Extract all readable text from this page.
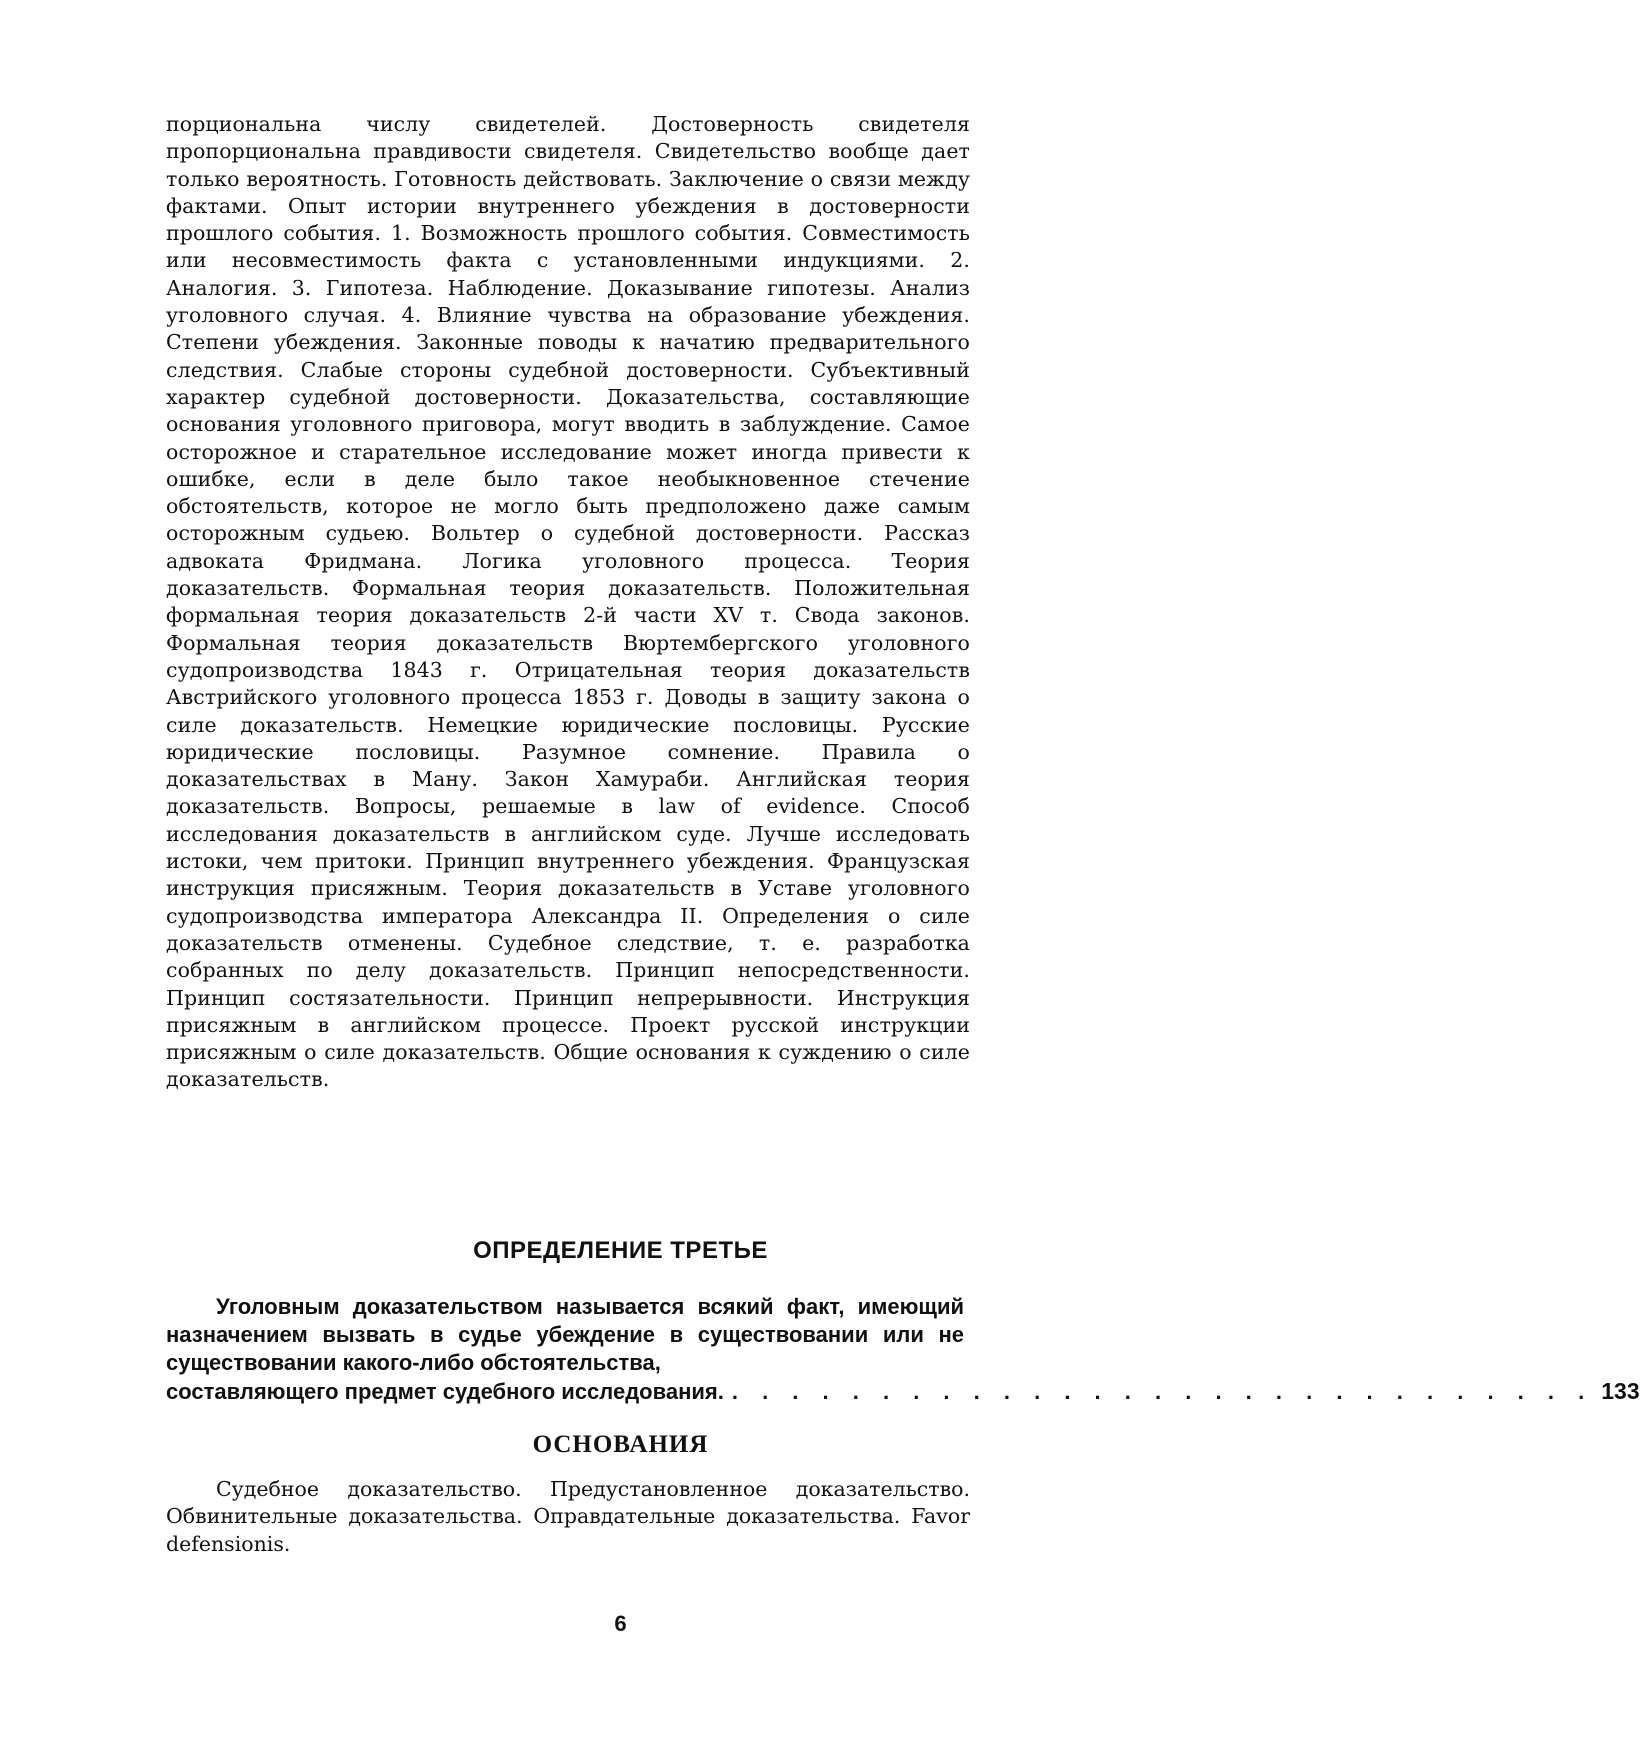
порциональна числу свидетелей. Достоверность свидетеля пропорциональна правдивости свидетеля. Свидетельство вообще дает только вероятность. Готовность действовать. Заключение о связи между фактами. Опыт истории внутреннего убеждения в достоверности прошлого события. 1. Возможность прошлого события. Совместимость или несовместимость факта с установленными индукциями. 2. Аналогия. 3. Гипотеза. Наблюдение. Доказывание гипотезы. Анализ уголовного случая. 4. Влияние чувства на образование убеждения. Степени убеждения. Законные поводы к начатию предварительного следствия. Слабые стороны судебной достоверности. Субъективный характер судебной достоверности. Доказательства, составляющие основания уголовного приговора, могут вводить в заблуждение. Самое осторожное и старательное исследование может иногда привести к ошибке, если в деле было такое необыкновенное стечение обстоятельств, которое не могло быть предположено даже самым осторожным судьею. Вольтер о судебной достоверности. Рассказ адвоката Фридмана. Логика уголовного процесса. Теория доказательств. Формальная теория доказательств. Положительная формальная теория доказательств 2-й части XV т. Свода законов. Формальная теория доказательств Вюртембергского уголовного судопроизводства 1843 г. Отрицательная теория доказательств Австрийского уголовного процесса 1853 г. Доводы в защиту закона о силе доказательств. Немецкие юридические пословицы. Русские юридические пословицы. Разумное сомнение. Правила о доказательствах в Ману. Закон Хамураби. Английская теория доказательств. Вопросы, решаемые в law of evidence. Способ исследования доказательств в английском суде. Лучше исследовать истоки, чем притоки. Принцип внутреннего убеждения. Французская инструкция присяжным. Теория доказательств в Уставе уголовного судопроизводства императора Александра II. Определения о силе доказательств отменены. Судебное следствие, т. е. разработка собранных по делу доказательств. Принцип непосредственности. Принцип состязательности. Принцип непрерывности. Инструкция присяжным в английском процессе. Проект русской инструкции присяжным о силе доказательств. Общие основания к суждению о силе доказательств.

ОПРЕДЕЛЕНИЕ ТРЕТЬЕ

Уголовным доказательством называется всякий факт, имеющий назначением вызвать в судье убеждение в существовании или не существовании какого-либо обстоятельства,

составляющего предмет судебного исследования. . . . . . . . . . . . . . . . . . . . . . . . . . . . . . 133
ОСНОВАНИЯ

Судебное доказательство. Предустановленное доказательство. Обвинительные доказательства. Оправдательные доказательства. Favor defensionis.

6
